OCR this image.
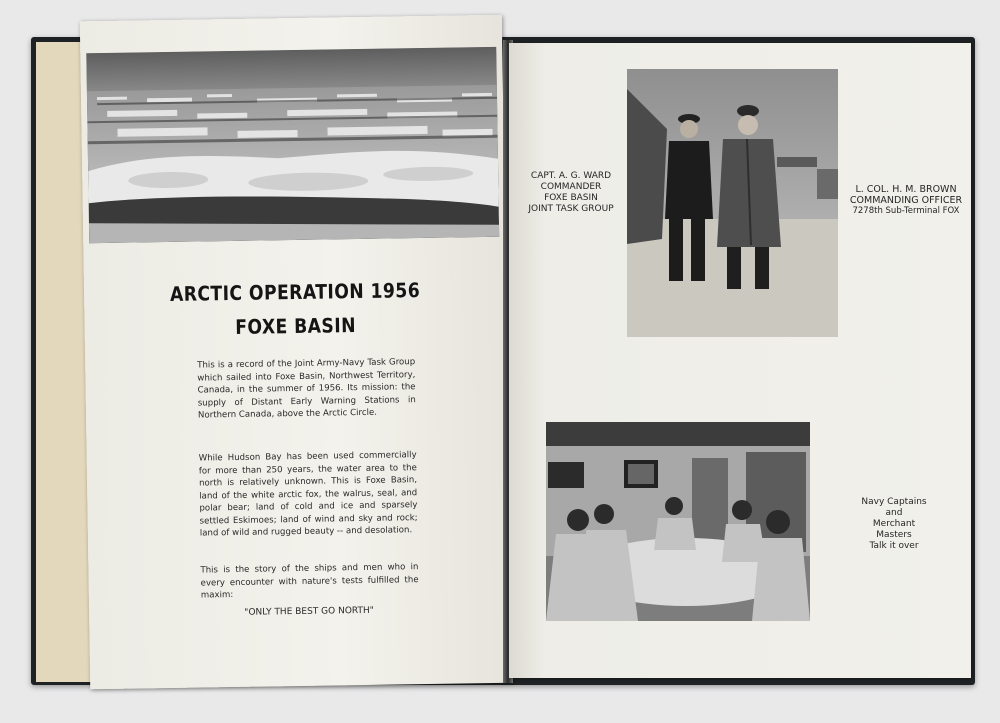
ARCTIC OPERATION 1956
FOXE BASIN

This is a record of the Joint Army-Navy Task Group which sailed into Foxe Basin, Northwest Territory, Canada, in the summer of 1956. Its mission: the supply of Distant Early Warning Stations in Northern Canada, above the Arctic Circle.

While Hudson Bay has been used commercially for more than 250 years, the water area to the north is relatively unknown. This is Foxe Basin, land of the white arctic fox, the walrus, seal, and polar bear; land of cold and ice and sparsely settled Eskimoes; land of wind and sky and rock; land of wild and rugged beauty -- and desolation.

This is the story of the ships and men who in every encounter with nature's tests fulfilled the maxim:

"ONLY THE BEST GO NORTH"
CAPT. A. G. WARD
COMMANDER
FOXE BASIN
JOINT TASK GROUP
L. COL. H. M. BROWN
COMMANDING OFFICER
7278th Sub-Terminal FOX
Navy Captains
and
Merchant
Masters
Talk it over
